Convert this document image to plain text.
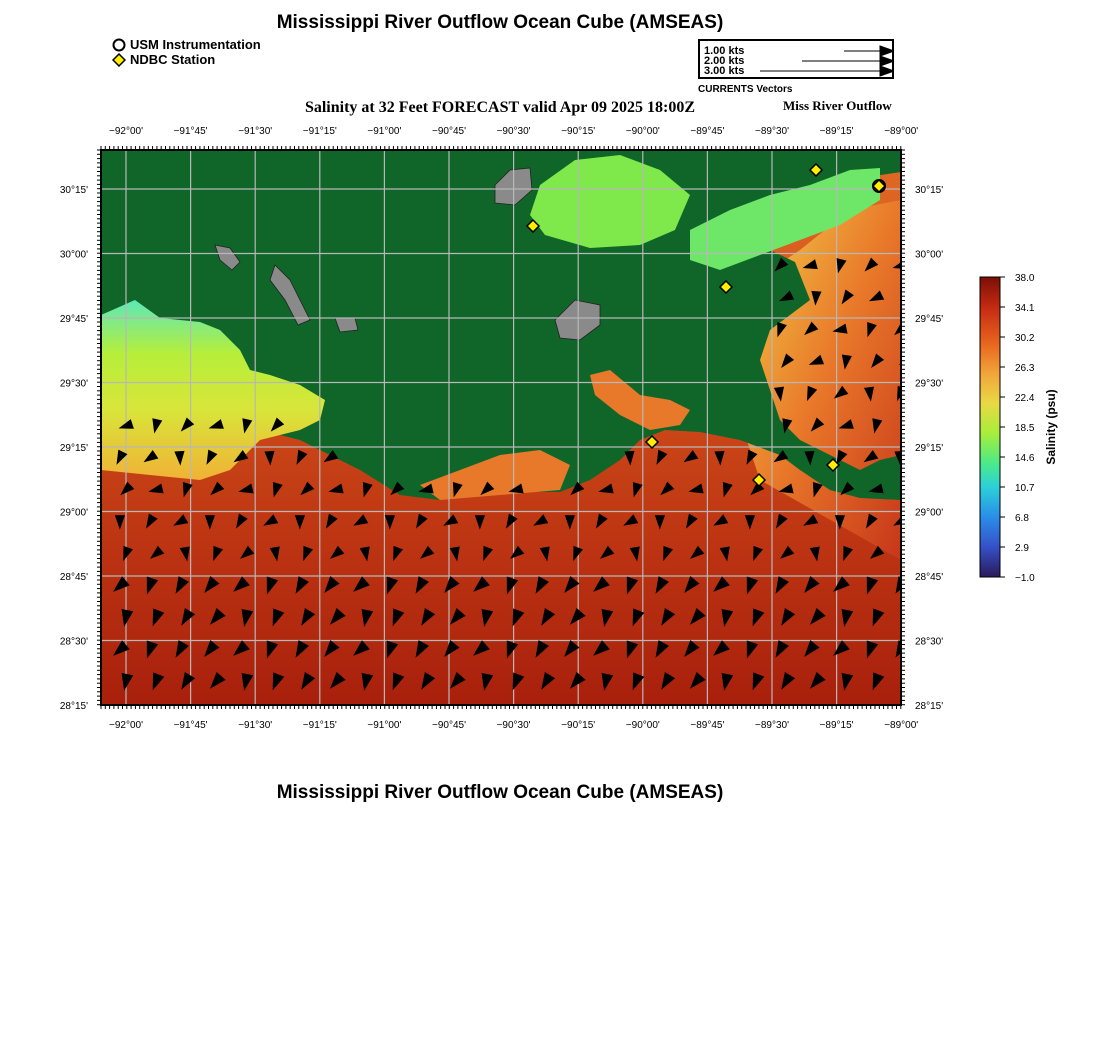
Mississippi River Outflow Ocean Cube (AMSEAS)
USM Instrumentation
NDBC Station
1.00 kts
2.00 kts
3.00 kts
CURRENTS Vectors
Salinity at 32 Feet FORECAST valid Apr 09 2025 18:00Z	Miss River Outflow
−92°00'	−91°45'	−91°30'	−91°15'	−91°00'	−90°45'	−90°30'	−90°15'	−90°00'	−89°45'	−89°30'	−89°15'	−89°00'
−92°00'	−91°45'	−91°30'	−91°15'	−91°00'	−90°45'	−90°30'	−90°15'	−90°00'	−89°45'	−89°30'	−89°15'	−89°00'
30°15'
30°00'
29°45'
29°30'
29°15'
29°00'
28°45'
28°30'
28°15'
30°15'
30°00'
29°45'
29°30'
29°15'
29°00'
28°45'
28°30'
28°15'
38.0
34.1
30.2
26.3
22.4
18.5
14.6
10.7
6.8
2.9
−1.0
Salinity (psu)
Mississippi River Outflow Ocean Cube (AMSEAS)
